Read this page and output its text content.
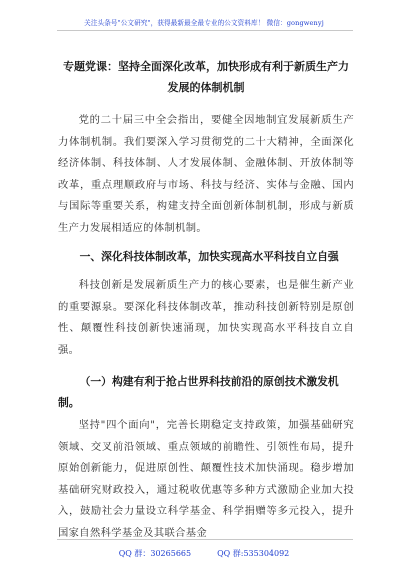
关注头条号"公文研究"，获得最新最全最专业的公文资料库！ 微信：gongwenyj

专题党课：坚持全面深化改革，加快形成有利于新质生产力发展的体制机制

党的二十届三中全会指出，要健全因地制宜发展新质生产力体制机制。我们要深入学习贯彻党的二十大精神，全面深化经济体制、科技体制、人才发展体制、金融体制、开放体制等改革，重点理顺政府与市场、科技与经济、实体与金融、国内与国际等重要关系，构建支持全面创新体制机制，形成与新质生产力发展相适应的体制机制。

一、深化科技体制改革，加快实现高水平科技自立自强

科技创新是发展新质生产力的核心要素，也是催生新产业的重要源泉。要深化科技体制改革，推动科技创新特别是原创性、颠覆性科技创新快速涌现，加快实现高水平科技自立自强。

（一）构建有利于抢占世界科技前沿的原创技术激发机制。

坚持"四个面向"，完善长期稳定支持政策，加强基础研究领域、交叉前沿领域、重点领域的前瞻性、引领性布局，提升原始创新能力，促进原创性、颠覆性技术加快涌现。稳步增加基础研究财政投入，通过税收优惠等多种方式激励企业加大投入，鼓励社会力量设立科学基金、科学捐赠等多元投入，提升国家自然科学基金及其联合基金

QQ 群：30265665	QQ 群:535304092
